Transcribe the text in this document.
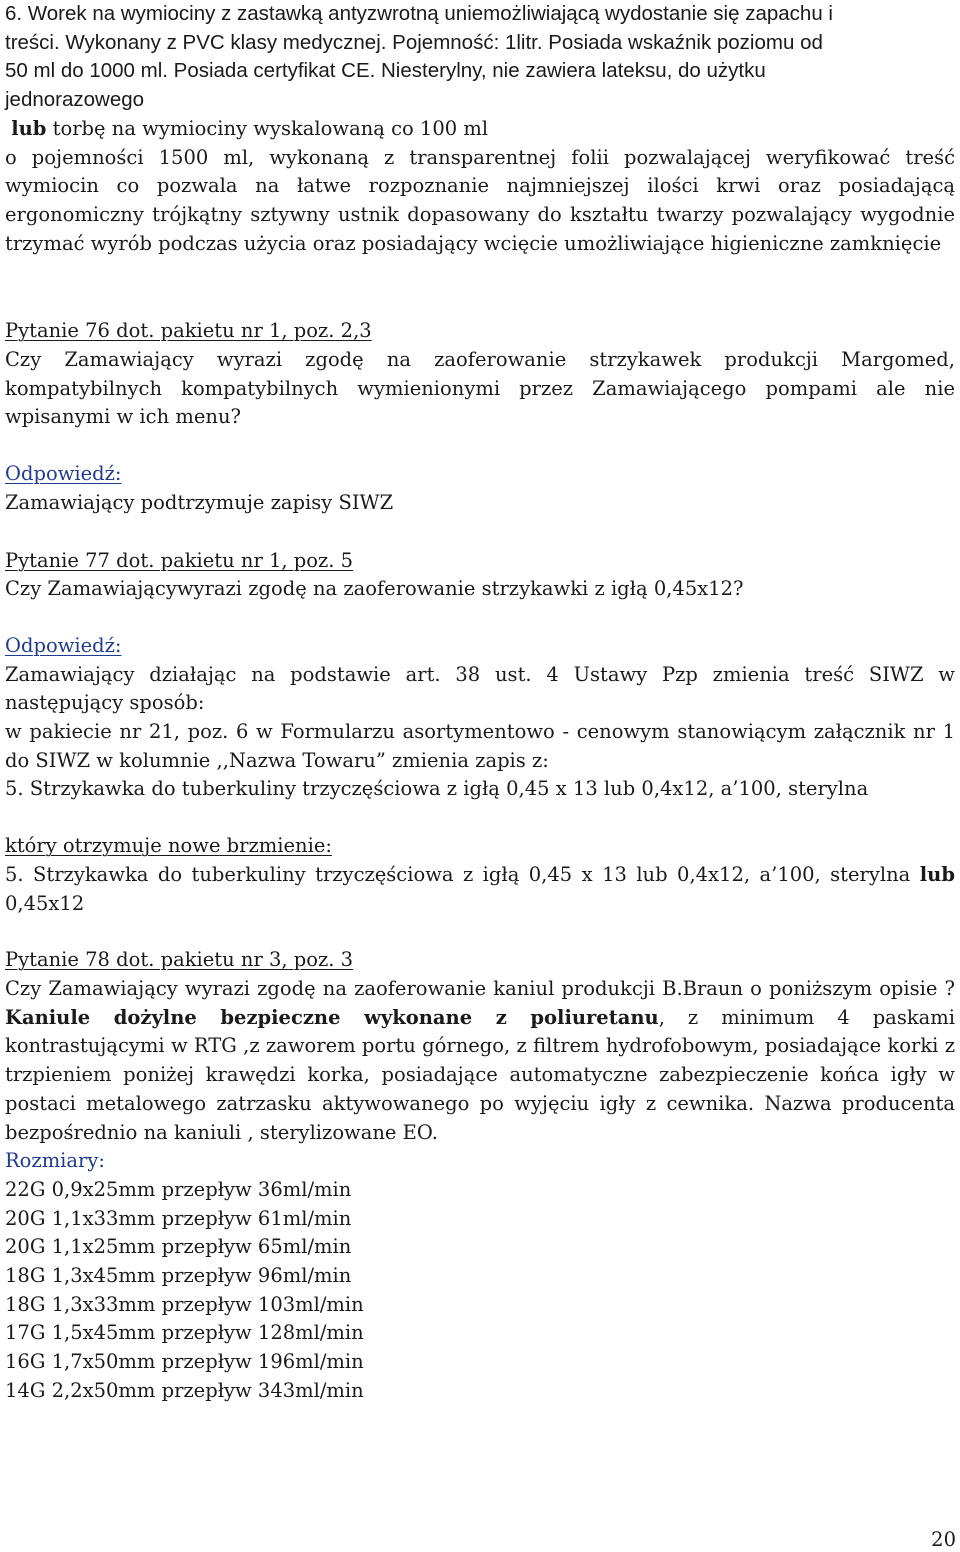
6. Worek na wymiociny z zastawką antyzwrotną uniemożliwiającą wydostanie się zapachu i
treści. Wykonany z PVC klasy medycznej. Pojemność: 1litr. Posiada wskaźnik poziomu od
50 ml do 1000 ml. Posiada certyfikat CE. Niesterylny, nie zawiera lateksu, do użytku
jednorazowego
lub torbę na wymiociny wyskalowaną co 100 ml
o pojemności 1500 ml, wykonaną z transparentnej folii pozwalającej weryfikować treść wymiocin co pozwala na łatwe rozpoznanie najmniejszej ilości krwi oraz posiadającą ergonomiczny trójkątny sztywny ustnik dopasowany do kształtu twarzy pozwalający wygodnie trzymać wyrób podczas użycia oraz posiadający wcięcie umożliwiające higieniczne zamknięcie
Pytanie 76 dot. pakietu nr 1, poz. 2,3
Czy Zamawiający wyrazi zgodę na zaoferowanie strzykawek produkcji Margomed, kompatybilnych kompatybilnych wymienionymi przez Zamawiającego pompami ale nie wpisanymi w ich menu?
Odpowiedź:
Zamawiający podtrzymuje zapisy SIWZ
Pytanie 77 dot. pakietu nr 1, poz. 5
Czy Zamawiającywyrazi zgodę na zaoferowanie strzykawki z igłą 0,45x12?
Odpowiedź:
Zamawiający działając na podstawie art. 38 ust. 4 Ustawy Pzp zmienia treść SIWZ w
następujący sposób:
w pakiecie nr 21, poz. 6 w Formularzu asortymentowo - cenowym stanowiącym załącznik nr 1 do SIWZ w kolumnie ,,Nazwa Towaru” zmienia zapis z:
5. Strzykawka do tuberkuliny trzyczęściowa z igłą 0,45 x 13 lub 0,4x12, a’100, sterylna
który otrzymuje nowe brzmienie:
5. Strzykawka do tuberkuliny trzyczęściowa z igłą 0,45 x 13 lub 0,4x12, a’100, sterylna lub 0,45x12
Pytanie 78 dot. pakietu nr 3, poz. 3
Czy Zamawiający wyrazi zgodę na zaoferowanie kaniul produkcji B.Braun o poniższym opisie ?Kaniule dożylne bezpieczne wykonane z poliuretanu, z minimum 4 paskami kontrastującymi w RTG ,z zaworem portu górnego, z filtrem hydrofobowym, posiadające korki z trzpieniem poniżej krawędzi korka, posiadające automatyczne zabezpieczenie końca igły w postaci metalowego zatrzasku aktywowanego po wyjęciu igły z cewnika. Nazwa producenta bezpośrednio na kaniuli , sterylizowane EO.
Rozmiary:
22G 0,9x25mm przepływ 36ml/min
20G 1,1x33mm przepływ 61ml/min
20G 1,1x25mm przepływ 65ml/min
18G 1,3x45mm przepływ 96ml/min
18G 1,3x33mm przepływ 103ml/min
17G 1,5x45mm przepływ 128ml/min
16G 1,7x50mm przepływ 196ml/min
14G 2,2x50mm przepływ 343ml/min
20
